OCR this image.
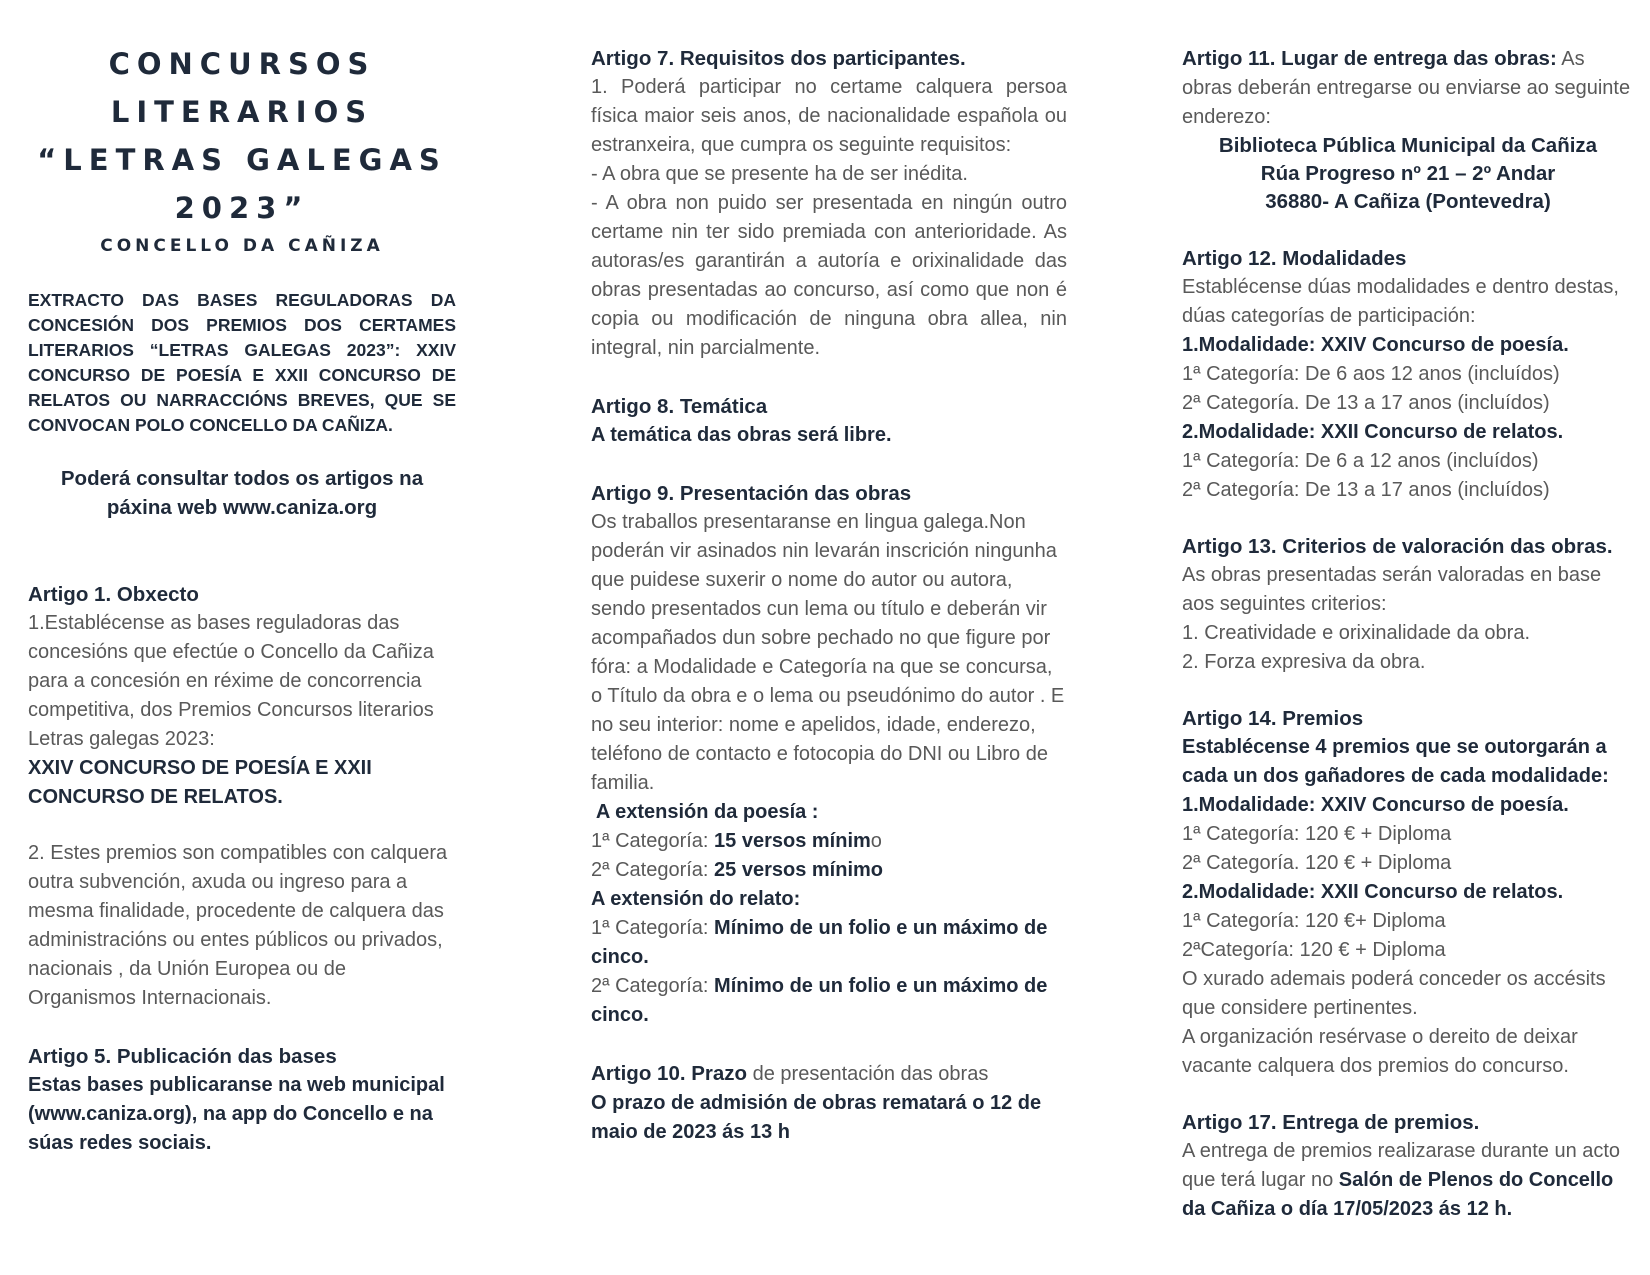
CONCURSOS
LITERARIOS
“LETRAS GALEGAS
2023”
CONCELLO DA CAÑIZA

EXTRACTO DAS BASES REGULADORAS DA CONCESIÓN DOS PREMIOS DOS CERTAMES LITERARIOS “LETRAS GALEGAS 2023”: XXIV CONCURSO DE POESÍA E XXII CONCURSO DE RELATOS OU NARRACCIÓNS BREVES, QUE SE CONVOCAN POLO CONCELLO DA CAÑIZA.

Poderá consultar todos os artigos na
páxina web www.caniza.org
Artigo 1. Obxecto

1.Establécense as bases reguladoras das concesións que efectúe o Concello da Cañiza para a concesión en réxime de concorrencia competitiva, dos Premios Concursos literarios Letras galegas 2023:

XXIV CONCURSO DE POESÍA E XXII CONCURSO DE RELATOS.

2. Estes premios son compatibles con calquera outra subvención, axuda ou ingreso para a mesma finalidade, procedente de calquera das administracións ou entes públicos ou privados, nacionais , da Unión Europea ou de Organismos Internacionais.

Artigo 5. Publicación das bases

Estas bases publicaranse na web municipal (www.caniza.org), na app do Concello e na súas redes sociais.

Artigo 7. Requisitos dos participantes.

1. Poderá participar no certame calquera persoa física maior seis anos, de nacionalidade española ou estranxeira, que cumpra os seguinte requisitos:

- A obra que se presente ha de ser inédita.

- A obra non puido ser presentada en ningún outro certame nin ter sido premiada con anterioridade. As autoras/es garantirán a autoría e orixinalidade das obras presentadas ao concurso, así como que non é copia ou modificación de ninguna obra allea, nin integral, nin parcialmente.

Artigo 8. Temática

A temática das obras será libre.

Artigo 9. Presentación das obras

Os traballos presentaranse en lingua galega.Non poderán vir asinados nin levarán inscrición ningunha que puidese suxerir o nome do autor ou autora, sendo presentados cun lema ou título e deberán vir acompañados dun sobre pechado no que figure por fóra: a Modalidade e Categoría na que se concursa, o Título da obra e o lema ou pseudónimo do autor . E no seu interior: nome e apelidos, idade, enderezo, teléfono de contacto e fotocopia do DNI ou Libro de familia.

A extensión da poesía :

1ª Categoría: 15 versos mínimo

2ª Categoría: 25 versos mínimo

A extensión do relato:

1ª Categoría: Mínimo de un folio e un máximo de cinco.

2ª Categoría: Mínimo de un folio e un máximo de cinco.

Artigo 10. Prazo de presentación das obras

O prazo de admisión de obras rematará o 12 de maio de 2023 ás 13 h

Artigo 11. Lugar de entrega das obras: As obras deberán entregarse ou enviarse ao seguinte enderezo:

Biblioteca Pública Municipal da Cañiza
Rúa Progreso nº 21 – 2º Andar
36880- A Cañiza (Pontevedra)
Artigo 12. Modalidades

Establécense dúas modalidades e dentro destas, dúas categorías de participación:

1.Modalidade: XXIV Concurso de poesía.

1ª Categoría: De 6 aos 12 anos (incluídos)

2ª Categoría. De 13 a 17 anos (incluídos)

2.Modalidade: XXII Concurso de relatos.

1ª Categoría: De 6 a 12 anos (incluídos)

2ª Categoría: De 13 a 17 anos (incluídos)

Artigo 13. Criterios de valoración das obras.

As obras presentadas serán valoradas en base aos seguintes criterios:

1. Creatividade e orixinalidade da obra.

2. Forza expresiva da obra.

Artigo 14. Premios

Establécense 4 premios que se outorgarán a cada un dos gañadores de cada modalidade:

1.Modalidade: XXIV Concurso de poesía.

1ª Categoría: 120 € + Diploma

2ª Categoría. 120 € + Diploma

2.Modalidade: XXII Concurso de relatos.

1ª Categoría: 120 €+ Diploma

2ªCategoría: 120 € + Diploma

O xurado ademais poderá conceder os accésits que considere pertinentes.

A organización resérvase o dereito de deixar vacante calquera dos premios do concurso.

Artigo 17. Entrega de premios.

A entrega de premios realizarase durante un acto que terá lugar no Salón de Plenos do Concello da Cañiza o día 17/05/2023 ás 12 h.
